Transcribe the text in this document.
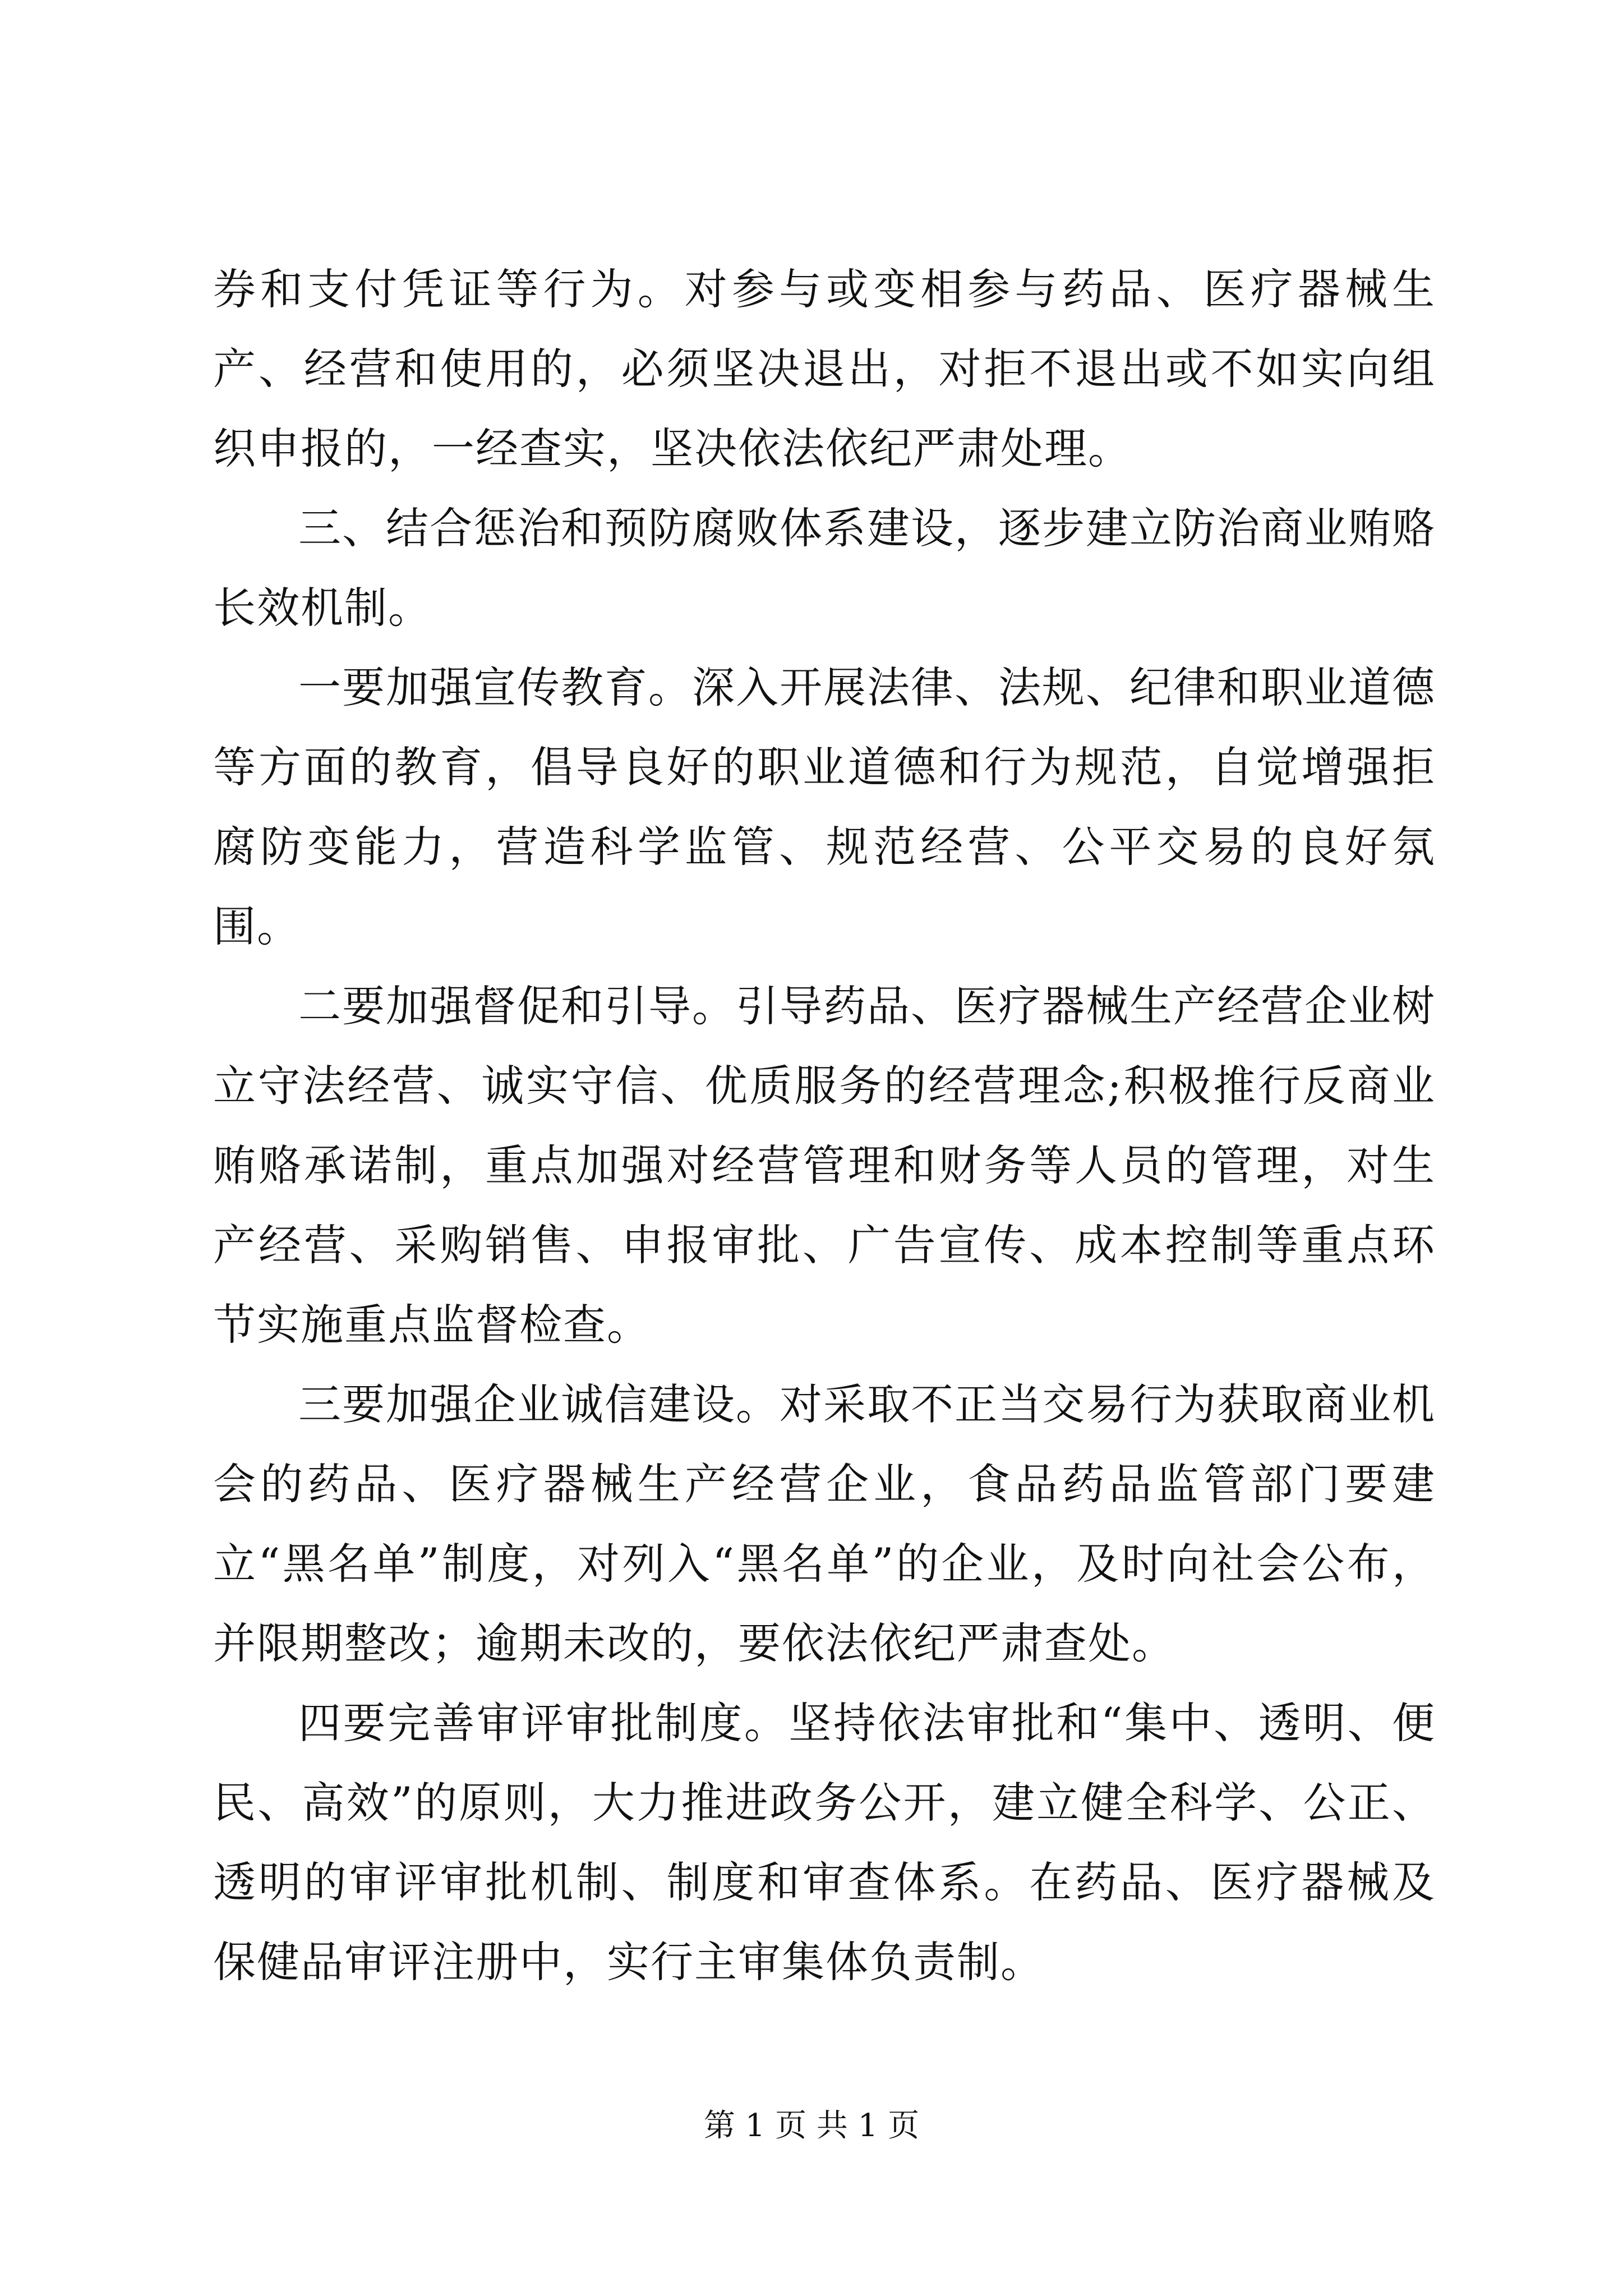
券和支付凭证等行为。对参与或变相参与药品、医疗器械生产、经营和使用的，必须坚决退出，对拒不退出或不如实向组织申报的，一经查实，坚决依法依纪严肃处理。

三、结合惩治和预防腐败体系建设，逐步建立防治商业贿赂长效机制。

一要加强宣传教育。深入开展法律、法规、纪律和职业道德等方面的教育，倡导良好的职业道德和行为规范，自觉增强拒腐防变能力，营造科学监管、规范经营、公平交易的良好氛围。

二要加强督促和引导。引导药品、医疗器械生产经营企业树立守法经营、诚实守信、优质服务的经营理念;积极推行反商业贿赂承诺制，重点加强对经营管理和财务等人员的管理，对生产经营、采购销售、申报审批、广告宣传、成本控制等重点环节实施重点监督检查。

三要加强企业诚信建设。对采取不正当交易行为获取商业机会的药品、医疗器械生产经营企业，食品药品监管部门要建立“黑名单”制度，对列入“黑名单”的企业，及时向社会公布，并限期整改；逾期未改的，要依法依纪严肃查处。

四要完善审评审批制度。坚持依法审批和“集中、透明、便民、高效”的原则，大力推进政务公开，建立健全科学、公正、透明的审评审批机制、制度和审查体系。在药品、医疗器械及保健品审评注册中，实行主审集体负责制。

第 1 页 共 1 页
